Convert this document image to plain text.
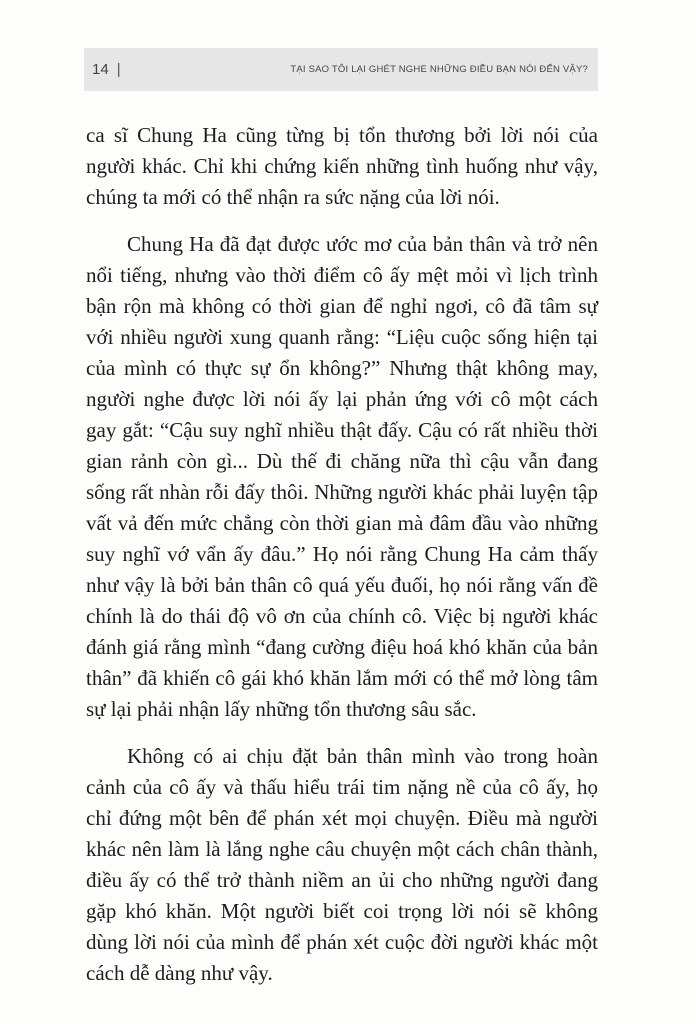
14 |	TẠI SAO TÔI LẠI GHÉT NGHE NHỮNG ĐIỀU BẠN NÓI ĐẾN VẬY?

ca sĩ Chung Ha cũng từng bị tổn thương bởi lời nói của người khác. Chỉ khi chứng kiến những tình huống như vậy, chúng ta mới có thể nhận ra sức nặng của lời nói.

Chung Ha đã đạt được ước mơ của bản thân và trở nên nổi tiếng, nhưng vào thời điểm cô ấy mệt mỏi vì lịch trình bận rộn mà không có thời gian để nghỉ ngơi, cô đã tâm sự với nhiều người xung quanh rằng: “Liệu cuộc sống hiện tại của mình có thực sự ổn không?” Nhưng thật không may, người nghe được lời nói ấy lại phản ứng với cô một cách gay gắt: “Cậu suy nghĩ nhiều thật đấy. Cậu có rất nhiều thời gian rảnh còn gì... Dù thế đi chăng nữa thì cậu vẫn đang sống rất nhàn rỗi đấy thôi. Những người khác phải luyện tập vất vả đến mức chẳng còn thời gian mà đâm đầu vào những suy nghĩ vớ vẩn ấy đâu.” Họ nói rằng Chung Ha cảm thấy như vậy là bởi bản thân cô quá yếu đuối, họ nói rằng vấn đề chính là do thái độ vô ơn của chính cô. Việc bị người khác đánh giá rằng mình “đang cường điệu hoá khó khăn của bản thân” đã khiến cô gái khó khăn lắm mới có thể mở lòng tâm sự lại phải nhận lấy những tổn thương sâu sắc.

Không có ai chịu đặt bản thân mình vào trong hoàn cảnh của cô ấy và thấu hiểu trái tim nặng nề của cô ấy, họ chỉ đứng một bên để phán xét mọi chuyện. Điều mà người khác nên làm là lắng nghe câu chuyện một cách chân thành, điều ấy có thể trở thành niềm an ủi cho những người đang gặp khó khăn. Một người biết coi trọng lời nói sẽ không dùng lời nói của mình để phán xét cuộc đời người khác một cách dễ dàng như vậy.
